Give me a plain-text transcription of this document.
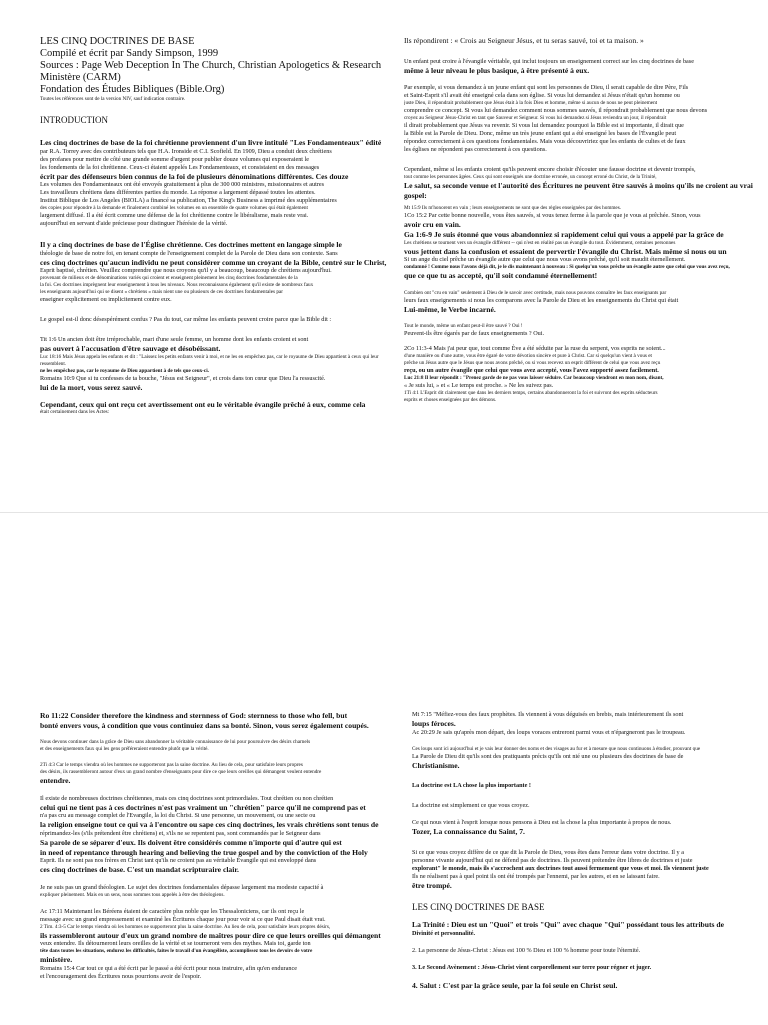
LES CINQ DOCTRINES DE BASE
Compilé et écrit par Sandy Simpson, 1999
Sources : Page Web Deception In The Church, Christian Apologetics & Research Ministère (CARM)
Fondation des Études Bibliques (Bible.Org)
Toutes les références sont de la version NIV, sauf indication contraire.
INTRODUCTION
Les cinq doctrines de base de la foi chrétienne proviennent d'un livre intitulé "Les Fondamenteaux" édité
par R.A. Torrey avec des contributeurs tels que H.A. Ironside et C.I. Scofield. En 1909, Dieu a conduit deux chrétiens
des profanes pour mettre de côté une grande somme d'argent pour publier douze volumes qui exposeraient le
les fondements de la foi chrétienne. Ceux-ci étaient appelés Les Fondamenteaux, et consistaient en des messages
écrit par des défenseurs bien connus de la foi de plusieurs dénominations différentes. Ces douze
Les volumes des Fondamenteaux ont été envoyés gratuitement à plus de 300 000 ministres, missionnaires et autres
Les travailleurs chrétiens dans différentes parties du monde. La réponse a largement dépassé toutes les attentes.
Institut Biblique de Los Angeles (BIOLA) a financé sa publication, The King's Business a imprimé des supplémentaires
des copies pour répondre à la demande et finalement combiné les volumes en un ensemble de quatre volumes qui était également
largement diffusé. Il a été écrit comme une défense de la foi chrétienne contre le libéralisme, mais reste vrai.
aujourd'hui en servant d'aide précieuse pour distinguer l'hérésie de la vérité.
Il y a cinq doctrines de base de l'Église chrétienne. Ces doctrines mettent en langage simple le
théologie de base de notre foi, en tenant compte de l'enseignement complet de la Parole de Dieu dans son contexte. Sans
ces cinq doctrines qu'aucun individu ne peut considérer comme un croyant de la Bible, centré sur le Christ,
Esprit baptisé, chrétien. Veuillez comprendre que nous croyons qu'il y a beaucoup, beaucoup de chrétiens aujourd'hui.
provenant de milieux et de dénominations variés qui croient et enseignent pleinement les cinq doctrines fondamentales de la
la foi. Ces doctrines imprègnent leur enseignement à tous les niveaux. Nous reconnaissons également qu'il existe de nombreux faux
les enseignants aujourd'hui qui se disent « chrétiens » mais nient une ou plusieurs de ces doctrines fondamentales par
enseigner explicitement ou implicitement contre eux.
Le gospel est-il donc désespérément confus ? Pas du tout, car même les enfants peuvent croire parce que la Bible dit :
Tit 1:6 Un ancien doit être irréprochable, mari d'une seule femme, un homme dont les enfants croient et sont
pas ouvert à l'accusation d'être sauvage et désobéissant.
Luc 18:16 Mais Jésus appela les enfants et dit : "Laissez les petits enfants venir à moi, et ne les en empêchez pas, car le royaume de Dieu appartient à ceux qui leur ressemblent.
ne les empêchez pas, car le royaume de Dieu appartient à de tels que ceux-ci.
Romains 10:9 Que si tu confesses de ta bouche, "Jésus est Seigneur", et crois dans ton cœur que Dieu l'a ressuscité.
lui de la mort, vous serez sauvé.
Cependant, ceux qui ont reçu cet avertissement ont eu le véritable évangile prêché à eux, comme cela
était certainement dans les Actes:
Ils répondirent : « Crois au Seigneur Jésus, et tu seras sauvé, toi et ta maison. »
Un enfant peut croire à l'évangile véritable, qui inclut toujours un enseignement correct sur les cinq doctrines de base
même à leur niveau le plus basique, à être présenté à eux.
Par exemple, si vous demandez à un jeune enfant qui sont les personnes de Dieu, il serait capable de dire Père, Fils
et Saint-Esprit s'il avait été enseigné cela dans son église. Si vous lui demandez si Jésus n'était qu'un homme ou
juste Dieu, il répondrait probablement que Jésus était à la fois Dieu et homme, même si aucun de nous ne peut pleinement
comprendre ce concept. Si vous lui demandez comment nous sommes sauvés, il répondrait probablement que nous devons
croyez au Seigneur Jésus-Christ en tant que Sauveur et Seigneur. Si vous lui demandez si Jésus reviendra un jour, il répondrait
il dirait probablement que Jésus va revenir. Si vous lui demandez pourquoi la Bible est si importante, il dirait que
la Bible est la Parole de Dieu. Donc, même un très jeune enfant qui a été enseigné les bases de l'Évangile peut
répondez correctement à ces questions fondamentales. Mais vous découvririez que les enfants de cultes et de faux
les églises ne répondent pas correctement à ces questions.
Cependant, même si les enfants croient qu'ils peuvent encore choisir d'écouter une fausse doctrine et devenir trompés,
tout comme les personnes âgées. Ceux qui sont enseignés une doctrine erronée, un concept erroné du Christ, de la Trinité,
Le salut, sa seconde venue et l'autorité des Écritures ne peuvent être sauvés à moins qu'ils ne croient au vrai
gospel:
Mt 15:9 Ils m'honorent en vain ; leurs enseignements ne sont que des règles enseignées par des hommes.
1Co 15:2 Par cette bonne nouvelle, vous êtes sauvés, si vous tenez ferme à la parole que je vous ai prêchée. Sinon, vous
avoir cru en vain.
Ga 1:6-9 Je suis étonné que vous abandonniez si rapidement celui qui vous a appelé par la grâce de
Les chrétiens se tournent vers un évangile différent -- qui n'est en réalité pas un évangile du tout. Évidemment, certaines personnes
vous jettent dans la confusion et essaient de pervertir l'évangile du Christ. Mais même si nous ou un
Si un ange du ciel prêche un évangile autre que celui que nous vous avons prêché, qu'il soit maudit éternellement.
condamné ! Comme nous l'avons déjà dit, je le dis maintenant à nouveau : Si quelqu'un vous prêche un évangile autre que celui que vous avez reçu,
que ce que tu as accepté, qu'il soit condamné éternellement!
Combien ont "cru en vain" seulement à Dieu de le savoir avec certitude, mais nous pouvons connaître les faux enseignants par
leurs faux enseignements si nous les comparons avec la Parole de Dieu et les enseignements du Christ qui était
Lui-même, le Verbe incarné.
Tout le monde, même un enfant peut-il être sauvé ? Oui !
Peuvent-ils être égarés par de faux enseignements ? Oui.
2Co 11:3-4 Mais j'ai peur que, tout comme Ève a été séduite par la ruse du serpent, vos esprits ne soient...
d'une manière ou d'une autre, vous être égaré de votre dévotion sincère et pure à Christ. Car si quelqu'un vient à vous et
prêche un Jésus autre que le Jésus que nous avons prêché, ou si vous recevez un esprit différent de celui que vous avez reçu
reçu, ou un autre évangile que celui que vous avez accepté, vous l'avez supporté assez facilement.
Luc 21:8 Il leur répondit : "Prenez garde de ne pas vous laisser séduire. Car beaucoup viendront en mon nom, disant,
« Je suis lui, » et « Le temps est proche. » Ne les suivez pas.
1Ti 4:1 L'Esprit dit clairement que dans les derniers temps, certains abandonneront la foi et suivront des esprits séducteurs
esprits et choses enseignées par des démons.
Ro 11:22 Consider therefore the kindness and sternness of God: sternness to those who fell, but
bonté envers vous, à condition que vous continuiez dans sa bonté. Sinon, vous serez également coupés.
Nous devons continuer dans la grâce de Dieu sans abandonner la véritable connaissance de lui pour poursuivre des désirs charnels
et des enseignements faux qui les gens préféreraient entendre plutôt que la vérité.
2Ti 4:3 Car le temps viendra où les hommes ne supporteront pas la saine doctrine. Au lieu de cela, pour satisfaire leurs propres
des désirs, ils rassembleront autour d'eux un grand nombre d'enseignants pour dire ce que leurs oreilles qui démangent veulent entendre
entendre.
Il existe de nombreuses doctrines chrétiennes, mais ces cinq doctrines sont primordiales. Tout chrétien ou non chrétien
celui qui ne tient pas à ces doctrines n'est pas vraiment un "chrétien" parce qu'il ne comprend pas et
n'a pas cru au message complet de l'Evangile, la loi du Christ. Si une personne, un mouvement, ou une secte ou
la religion enseigne tout ce qui va à l'encontre ou sape ces cinq doctrines, les vrais chrétiens sont tenus de
réprimandez-les (s'ils prétendent être chrétiens) et, s'ils ne se repentent pas, sont commandés par le Seigneur dans
Sa parole de se séparer d'eux. Ils doivent être considérés comme n'importe qui d'autre qui est
in need of repentance through hearing and believing the true gospel and by the conviction of the Holy
Esprit. Ils ne sont pas nos frères en Christ tant qu'ils ne croient pas au véritable Évangile qui est enveloppé dans
ces cinq doctrines de base. C'est un mandat scripturaire clair.
Je ne suis pas un grand théologien. Le sujet des doctrines fondamentales dépasse largement ma modeste capacité à
expliquer pleinement. Mais en un sens, nous sommes tous appelés à être des théologiens.
Ac 17:11 Maintenant les Béréens étaient de caractère plus noble que les Thessaloniciens, car ils ont reçu le
message avec un grand empressement et examiné les Écritures chaque jour pour voir si ce que Paul disait était vrai.
2 Tim. 4:3-5 Car le temps viendra où les hommes ne supporteront plus la saine doctrine. Au lieu de cela, pour satisfaire leurs propres désirs,
ils rassembleront autour d'eux un grand nombre de maîtres pour dire ce que leurs oreilles qui démangent
veux entendre. Ils détourneront leurs oreilles de la vérité et se tourneront vers des mythes. Mais toi, garde ton
tête dans toutes les situations, endurez les difficultés, faites le travail d'un évangéliste, accomplissez tous les devoirs de votre
ministère.
Romains 15:4 Car tout ce qui a été écrit par le passé a été écrit pour nous instruire, afin qu'en endurance
et l'encouragement des Écritures nous pourrions avoir de l'espoir.
Mt 7:15 "Méfiez-vous des faux prophètes. Ils viennent à vous déguisés en brebis, mais intérieurement ils sont
loups féroces.
Ac 20:29 Je sais qu'après mon départ, des loups voraces entreront parmi vous et n'épargneront pas le troupeau.
Ces loups sont ici aujourd'hui et je vais leur donner des noms et des visages au fur et à mesure que nous continuons à étudier, prouvant que
La Parole de Dieu dit qu'ils sont des pratiquants précis qu'ils ont nié une ou plusieurs des doctrines de base de
Christianisme.
La doctrine est LA chose la plus importante !
La doctrine est simplement ce que vous croyez.
Ce qui nous vient à l'esprit lorsque nous pensons à Dieu est la chose la plus importante à propos de nous.
Tozer, La connaissance du Saint, 7.
Si ce que vous croyez diffère de ce que dit la Parole de Dieu, vous êtes dans l'erreur dans votre doctrine. Il y a
personne vivante aujourd'hui qui ne défend pas de doctrines. Ils peuvent prétendre être libres de doctrines et juste
explorant" le monde, mais ils s'accrochent aux doctrines tout aussi fermement que vous et moi. Ils viennent juste
Ils ne réalisent pas à quel point ils ont été trompés par l'ennemi, par les autres, et en se laissant faire.
être trompé.
LES CINQ DOCTRINES DE BASE
La Trinité : Dieu est un "Quoi" et trois "Qui" avec chaque "Qui" possédant tous les attributs de
Divinité et personnalité.
2. La personne de Jésus-Christ : Jésus est 100 % Dieu et 100 % homme pour toute l'éternité.
3. Le Second Avènement : Jésus-Christ vient corporellement sur terre pour régner et juger.
4. Salut : C'est par la grâce seule, par la foi seule en Christ seul.
